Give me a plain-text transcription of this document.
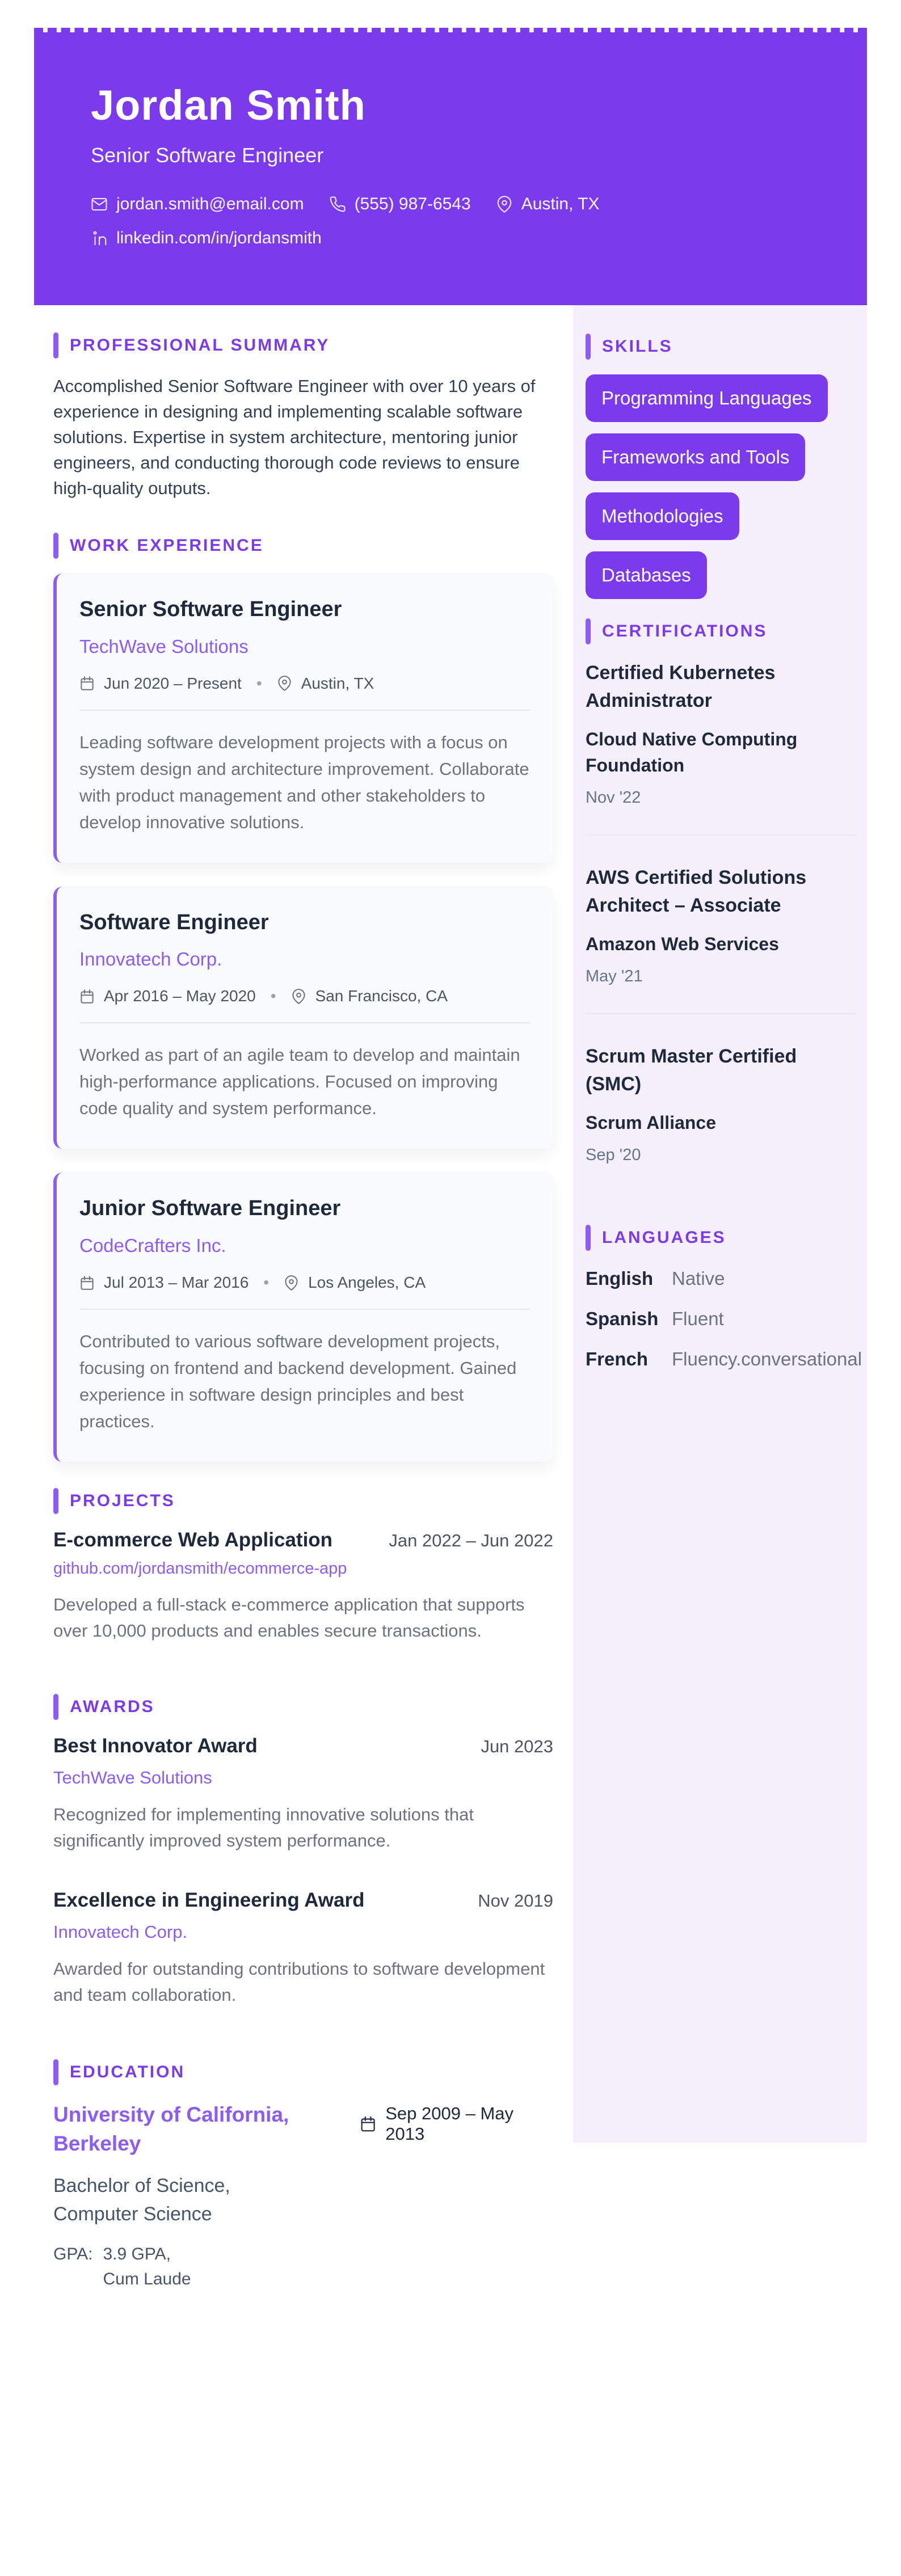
Jordan Smith
Senior Software Engineer
jordan.smith@email.com	(555) 987-6543	Austin, TX
linkedin.com/in/jordansmith
PROFESSIONAL SUMMARY
Accomplished Senior Software Engineer with over 10 years of experience in designing and implementing scalable software solutions. Expertise in system architecture, mentoring junior engineers, and conducting thorough code reviews to ensure high-quality outputs.
WORK EXPERIENCE
Senior Software Engineer
TechWave Solutions
Jun 2020 – Present • Austin, TX
Leading software development projects with a focus on system design and architecture improvement. Collaborate with product management and other stakeholders to develop innovative solutions.
Software Engineer
Innovatech Corp.
Apr 2016 – May 2020 • San Francisco, CA
Worked as part of an agile team to develop and maintain high-performance applications. Focused on improving code quality and system performance.
Junior Software Engineer
CodeCrafters Inc.
Jul 2013 – Mar 2016 • Los Angeles, CA
Contributed to various software development projects, focusing on frontend and backend development. Gained experience in software design principles and best practices.
PROJECTS
E-commerce Web Application	Jan 2022 – Jun 2022
github.com/jordansmith/ecommerce-app
Developed a full-stack e-commerce application that supports over 10,000 products and enables secure transactions.
AWARDS
Best Innovator Award	Jun 2023
TechWave Solutions
Recognized for implementing innovative solutions that significantly improved system performance.
Excellence in Engineering Award	Nov 2019
Innovatech Corp.
Awarded for outstanding contributions to software development and team collaboration.
EDUCATION
University of California, Berkeley
Bachelor of Science,
Computer Science
GPA: 3.9 GPA,
Cum Laude
Sep 2009 – May 2013
SKILLS
Programming Languages
Frameworks and Tools
Methodologies
Databases
CERTIFICATIONS
Certified Kubernetes Administrator
Cloud Native Computing Foundation
Nov '22
AWS Certified Solutions Architect – Associate
Amazon Web Services
May '21
Scrum Master Certified (SMC)
Scrum Alliance
Sep '20
LANGUAGES
English Native
Spanish Fluent
French	Fluency.conversational
